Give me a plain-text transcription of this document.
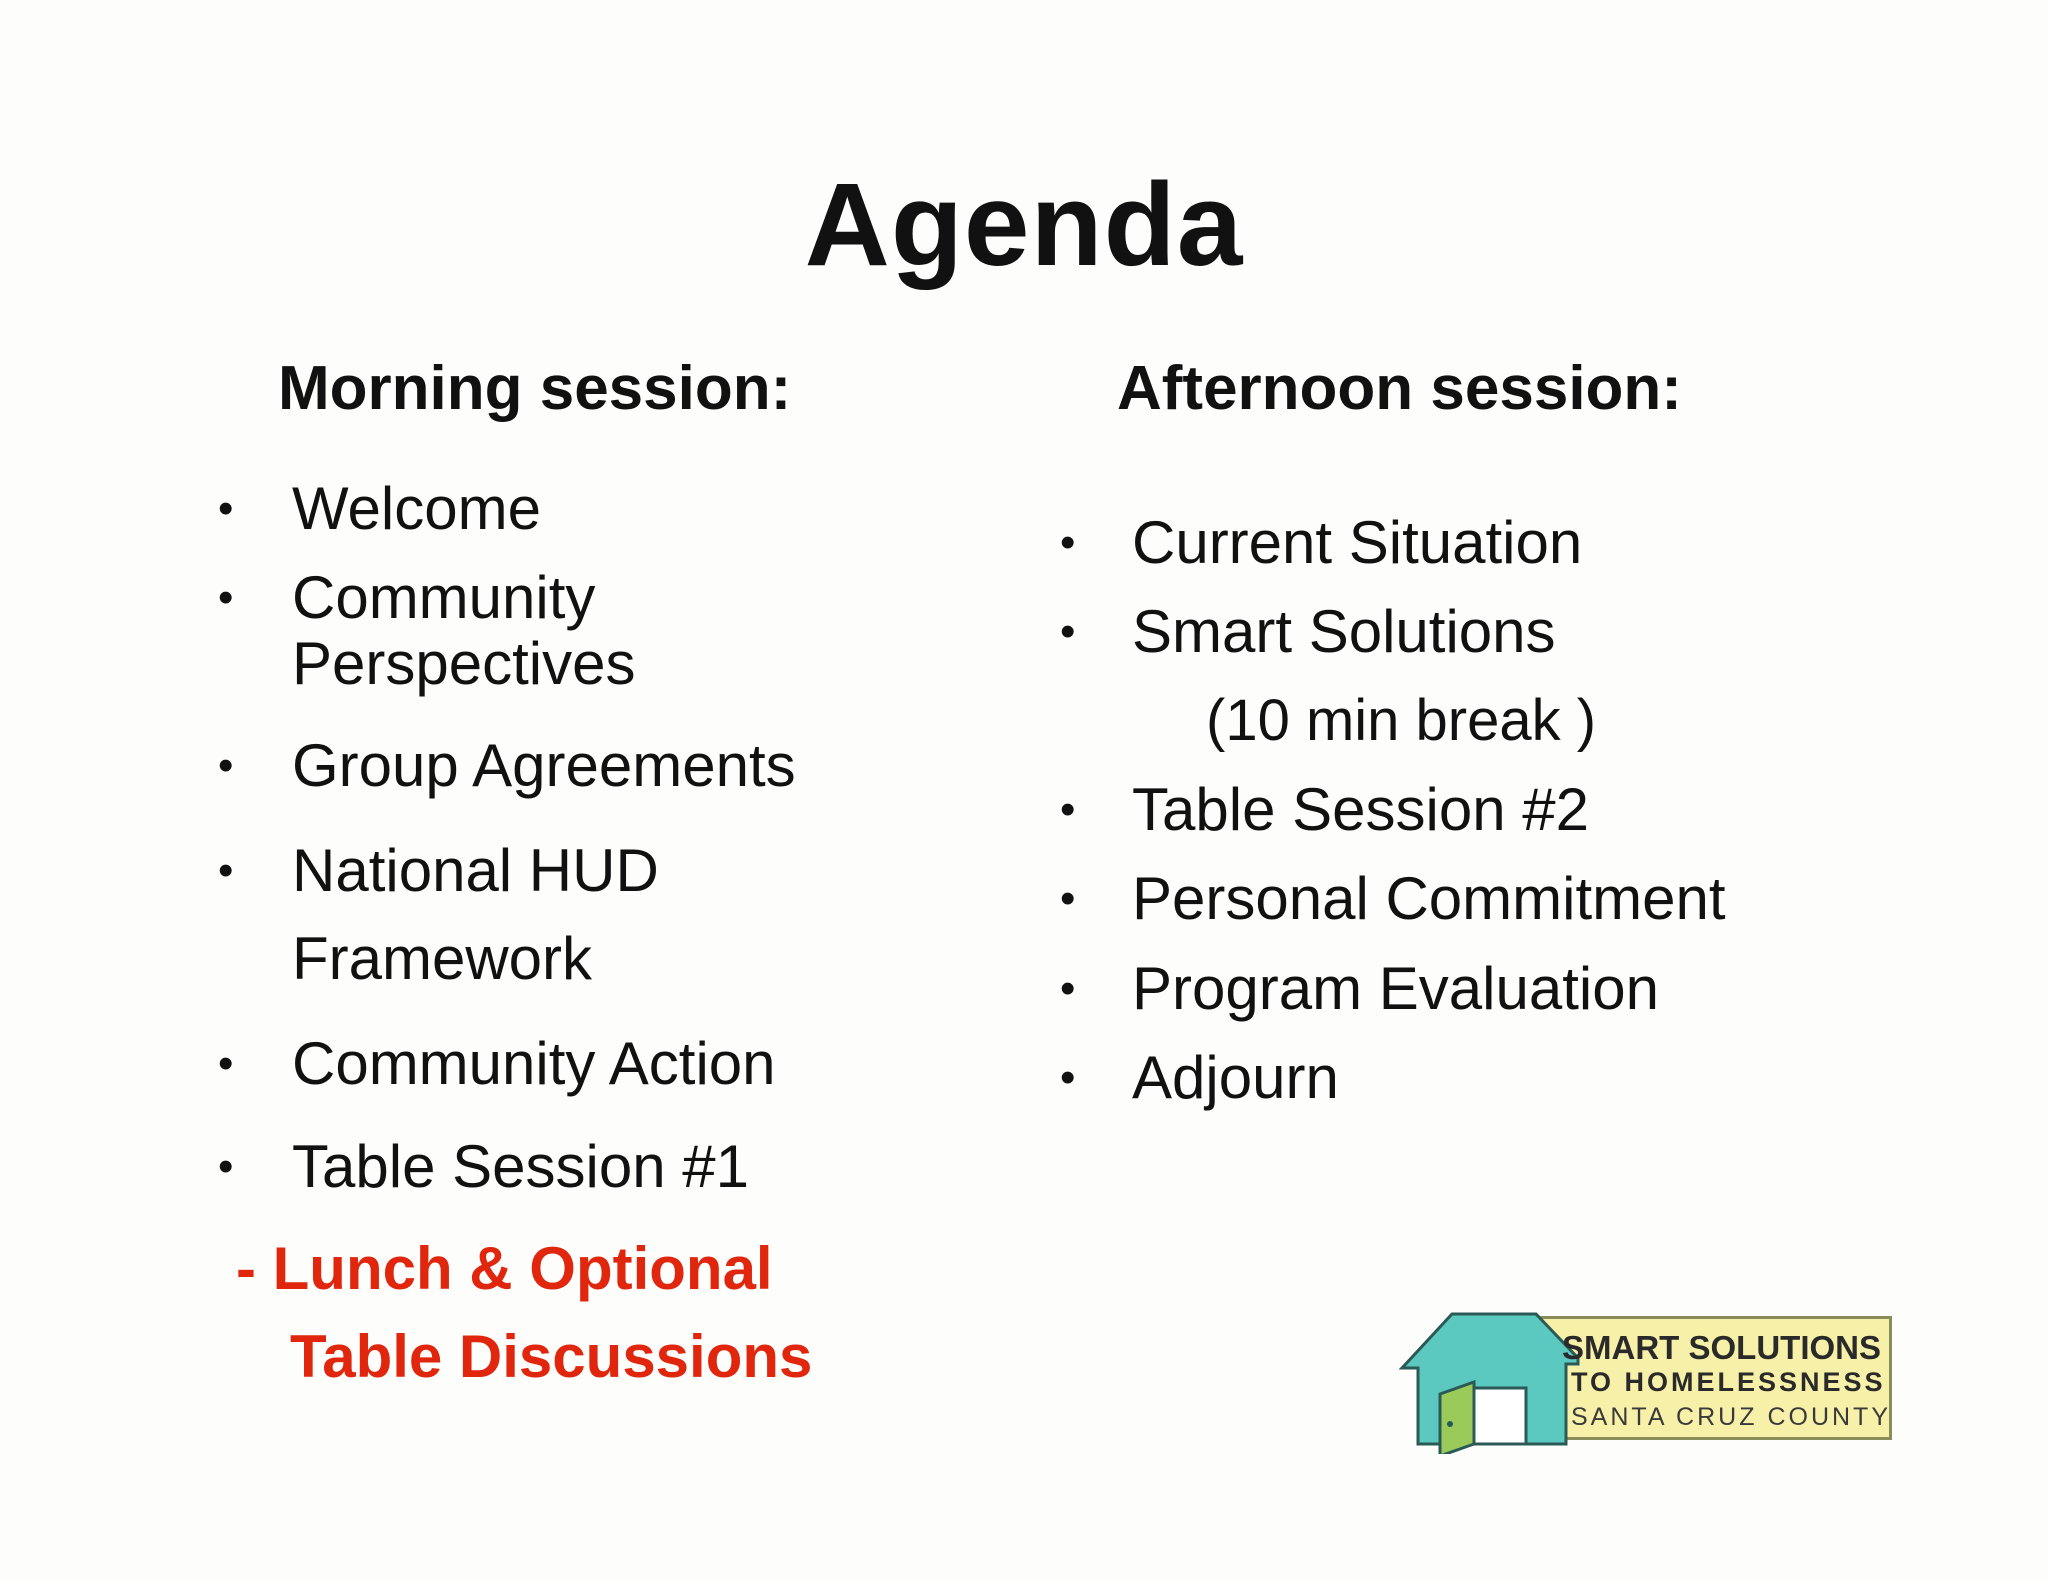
Agenda
Morning session:	Afternoon session:
• Welcome
• Community
Perspectives
• Group Agreements
• National HUD
Framework
• Community Action
• Table Session #1
- Lunch & Optional
Table Discussions
• Current Situation
• Smart Solutions
(10 min break )
• Table Session #2
• Personal Commitment
• Program Evaluation
• Adjourn
SMART SOLUTIONS
TO HOMELESSNESS
SANTA CRUZ COUNTY
